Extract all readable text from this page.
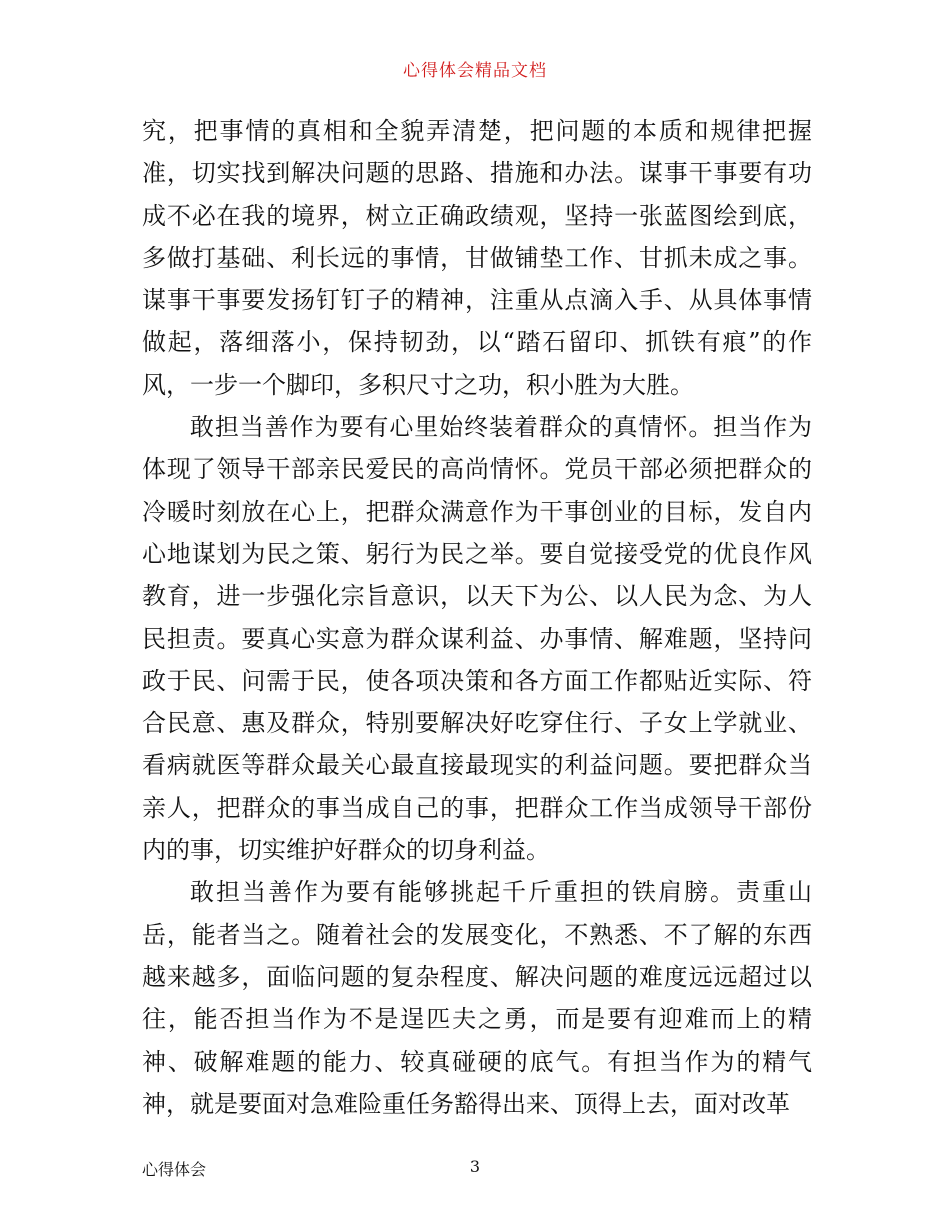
心得体会精品文档

究，把事情的真相和全貌弄清楚，把问题的本质和规律把握准，切实找到解决问题的思路、措施和办法。谋事干事要有功成不必在我的境界，树立正确政绩观，坚持一张蓝图绘到底，多做打基础、利长远的事情，甘做铺垫工作、甘抓未成之事。谋事干事要发扬钉钉子的精神，注重从点滴入手、从具体事情做起，落细落小，保持韧劲，以“踏石留印、抓铁有痕”的作风，一步一个脚印，多积尺寸之功，积小胜为大胜。

敢担当善作为要有心里始终装着群众的真情怀。担当作为体现了领导干部亲民爱民的高尚情怀。党员干部必须把群众的冷暖时刻放在心上，把群众满意作为干事创业的目标，发自内心地谋划为民之策、躬行为民之举。要自觉接受党的优良作风教育，进一步强化宗旨意识，以天下为公、以人民为念、为人民担责。要真心实意为群众谋利益、办事情、解难题，坚持问政于民、问需于民，使各项决策和各方面工作都贴近实际、符合民意、惠及群众，特别要解决好吃穿住行、子女上学就业、看病就医等群众最关心最直接最现实的利益问题。要把群众当亲人，把群众的事当成自己的事，把群众工作当成领导干部份内的事，切实维护好群众的切身利益。

敢担当善作为要有能够挑起千斤重担的铁肩膀。责重山岳，能者当之。随着社会的发展变化，不熟悉、不了解的东西越来越多，面临问题的复杂程度、解决问题的难度远远超过以往，能否担当作为不是逞匹夫之勇，而是要有迎难而上的精神、破解难题的能力、较真碰硬的底气。有担当作为的精气神，就是要面对急难险重任务豁得出来、顶得上去，面对改革

心得体会	3
